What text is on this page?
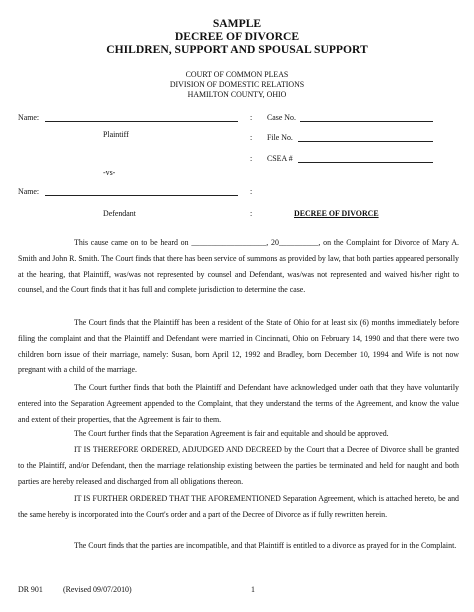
SAMPLE
DECREE OF DIVORCE
CHILDREN, SUPPORT AND SPOUSAL SUPPORT
COURT OF COMMON PLEAS
DIVISION OF DOMESTIC RELATIONS
HAMILTON COUNTY, OHIO
Name:
Plaintiff
-vs-
Name:
Defendant
:
:
:
:
:
Case No.
File No.
CSEA #
DECREE OF DIVORCE

This cause came on to be heard on ___________________, 20__________, on the Complaint for Divorce of Mary A. Smith and John R. Smith. The Court finds that there has been service of summons as provided by law, that both parties appeared personally at the hearing, that Plaintiff, was/was not represented by counsel and Defendant, was/was not represented and waived his/her right to counsel, and the Court finds that it has full and complete jurisdiction to determine the case.

The Court finds that the Plaintiff has been a resident of the State of Ohio for at least six (6) months immediately before filing the complaint and that the Plaintiff and Defendant were married in Cincinnati, Ohio on February 14, 1990 and that there were two children born issue of their marriage, namely: Susan, born April 12, 1992 and Bradley, born December 10, 1994 and Wife is not now pregnant with a child of the marriage.

The Court further finds that both the Plaintiff and Defendant have acknowledged under oath that they have voluntarily entered into the Separation Agreement appended to the Complaint, that they understand the terms of the Agreement, and know the value and extent of their properties, that the Agreement is fair to them.

The Court further finds that the Separation Agreement is fair and equitable and should be approved.

IT IS THEREFORE ORDERED, ADJUDGED AND DECREED by the Court that a Decree of Divorce shall be granted to the Plaintiff, and/or Defendant, then the marriage relationship existing between the parties be terminated and held for naught and both parties are hereby released and discharged from all obligations thereon.

IT IS FURTHER ORDERED THAT THE AFOREMENTIONED Separation Agreement, which is attached hereto, be and the same hereby is incorporated into the Court's order and a part of the Decree of Divorce as if fully rewritten herein.

The Court finds that the parties are incompatible, and that Plaintiff is entitled to a divorce as prayed for in the Complaint.

DR 901	(Revised 09/07/2010)	1
